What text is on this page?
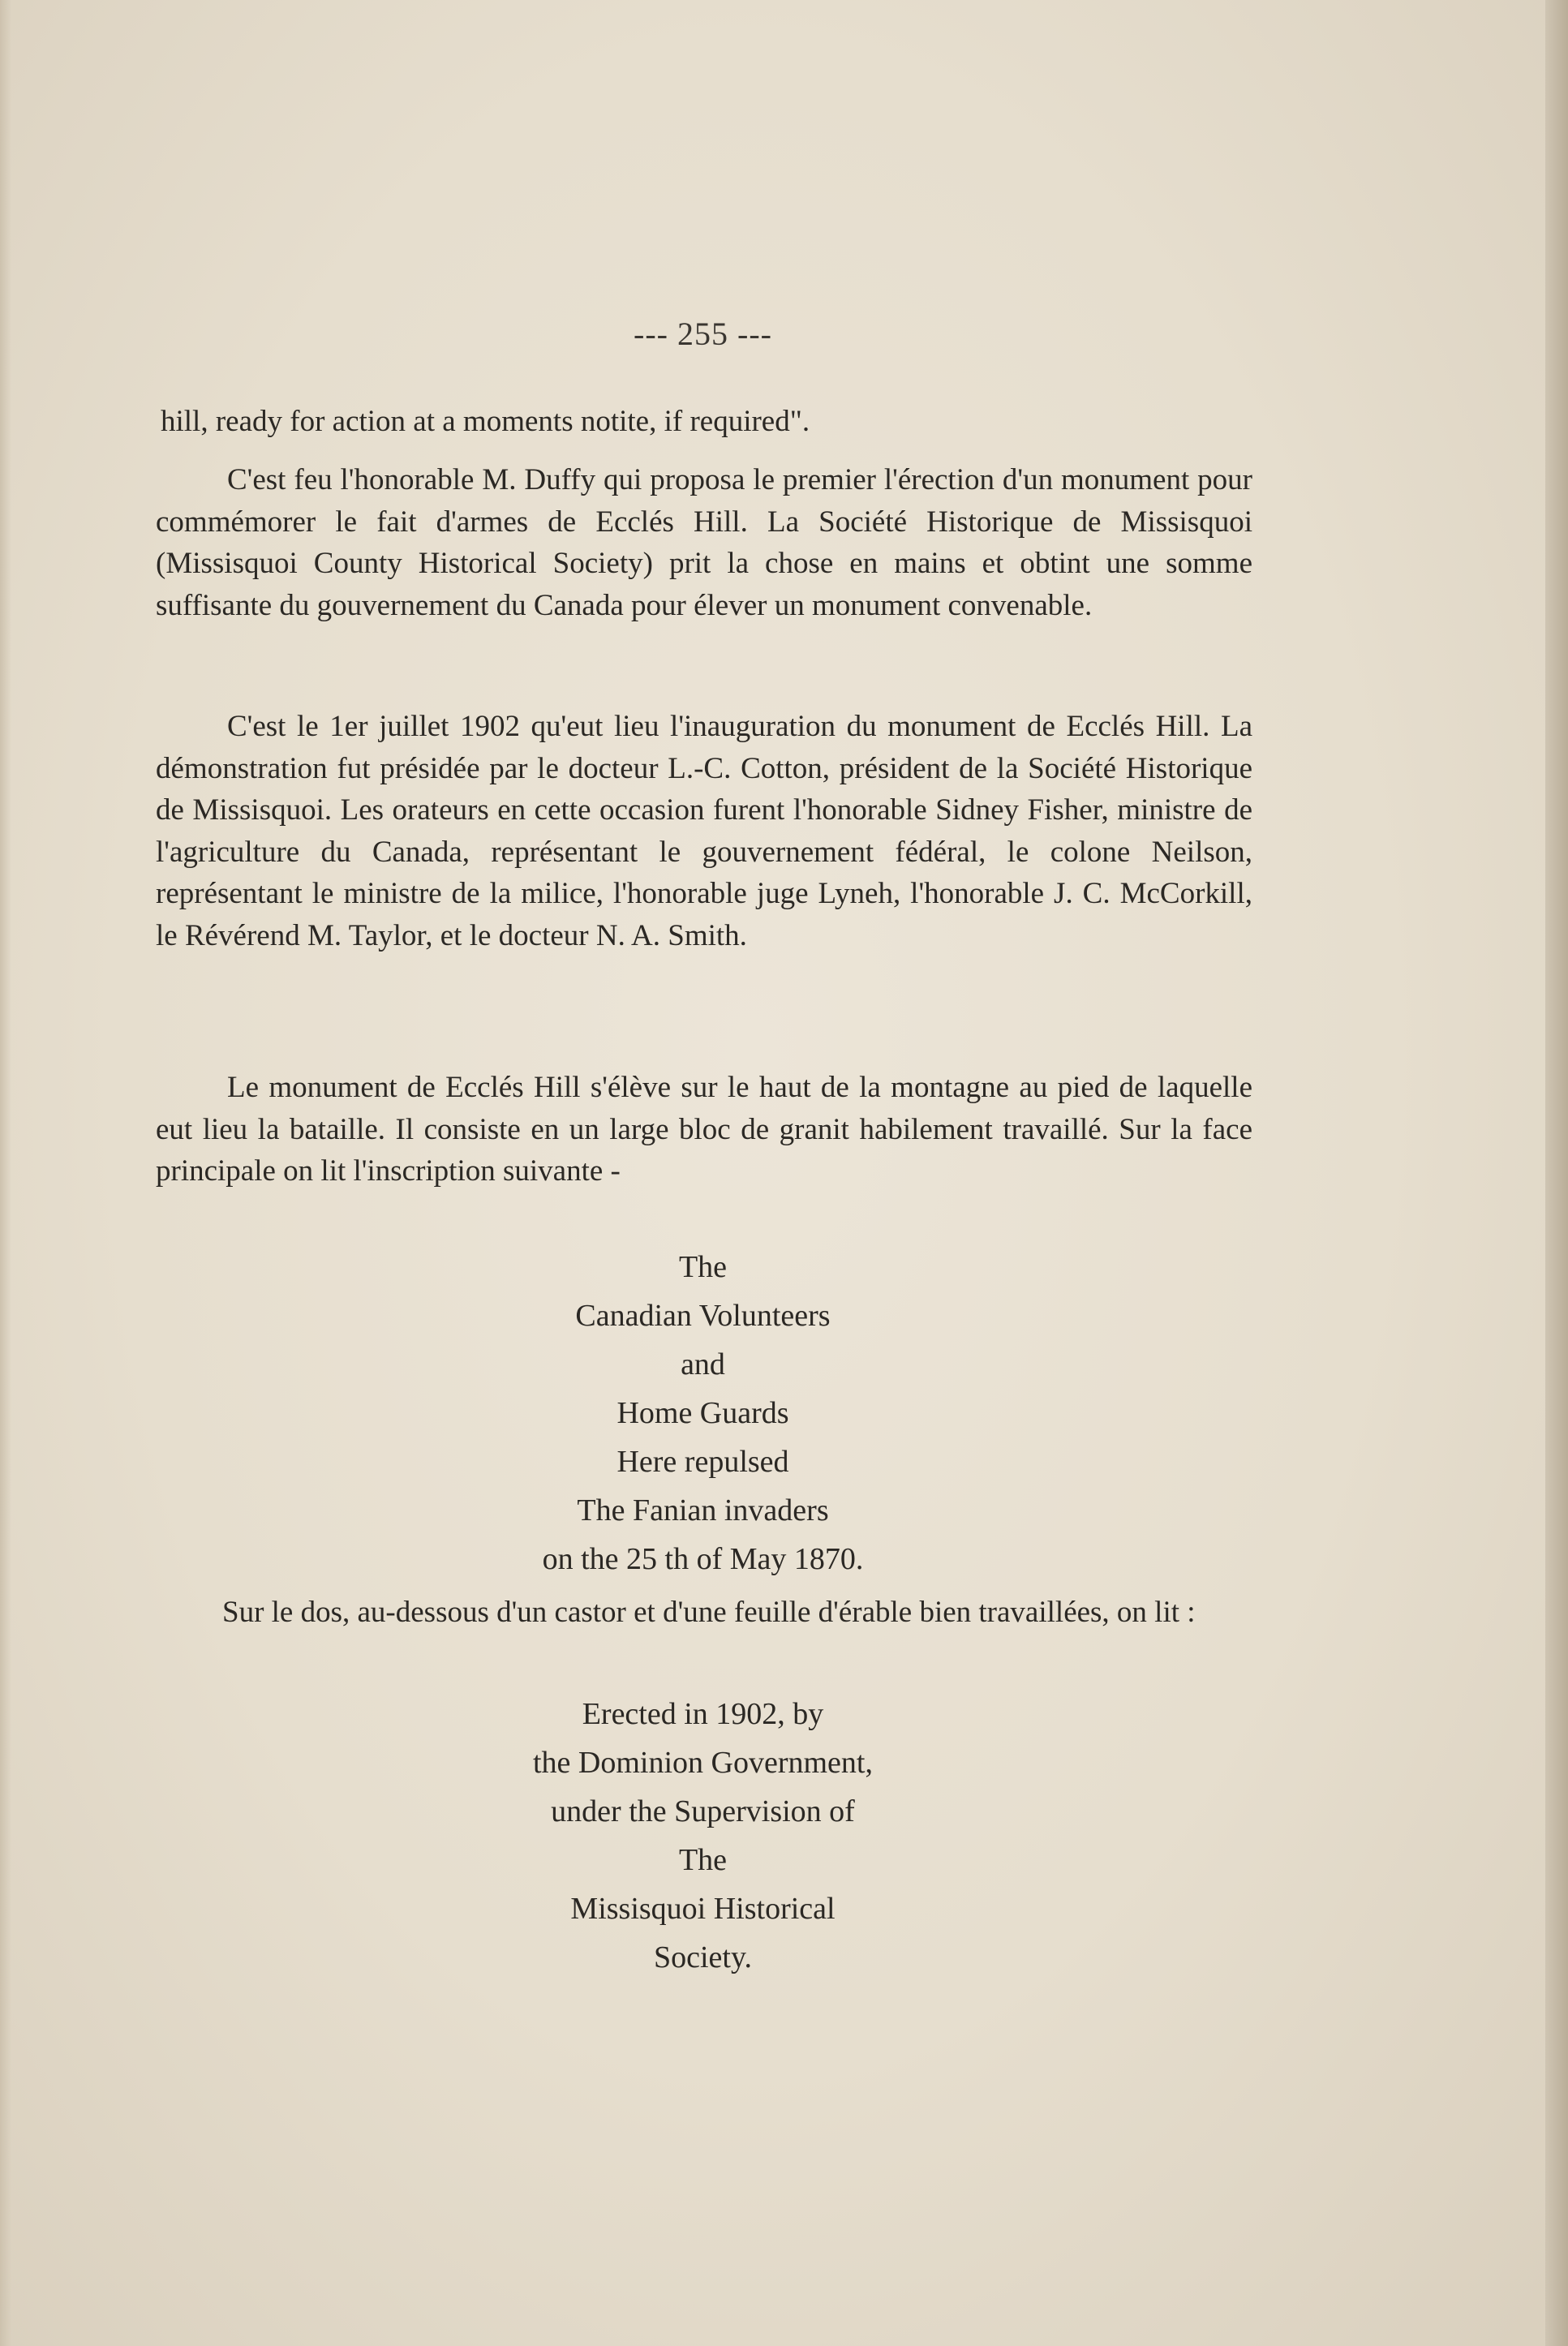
--- 255 ---
hill, ready for action at a moments notite, if required".

C'est feu l'honorable M. Duffy qui proposa le premier l'érection d'un monument pour commémorer le fait d'armes de Ecclés Hill. La Société Historique de Missisquoi (Missisquoi County Historical Society) prit la chose en mains et obtint une somme suffisante du gouvernement du Canada pour élever un monument convenable.

C'est le 1er juillet 1902 qu'eut lieu l'inauguration du monument de Ecclés Hill. La démonstration fut présidée par le docteur L.-C. Cotton, président de la Société Historique de Missisquoi. Les orateurs en cette occasion furent l'honorable Sidney Fisher, ministre de l'agriculture du Canada, représentant le gouvernement fédéral, le colone Neilson, représentant le ministre de la milice, l'honorable juge Lyneh, l'honorable J. C. McCorkill, le Révérend M. Taylor, et le docteur N. A. Smith.

Le monument de Ecclés Hill s'élève sur le haut de la montagne au pied de laquelle eut lieu la bataille. Il consiste en un large bloc de granit habilement travaillé. Sur la face principale on lit l'inscription suivante -

The
Canadian Volunteers
and
Home Guards
Here repulsed
The Fanian invaders
on the 25 th of May 1870.

Sur le dos, au-dessous d'un castor et d'une feuille d'érable bien travaillées, on lit :

Erected in 1902, by
the Dominion Government,
under the Supervision of
The
Missisquoi Historical
Society.
